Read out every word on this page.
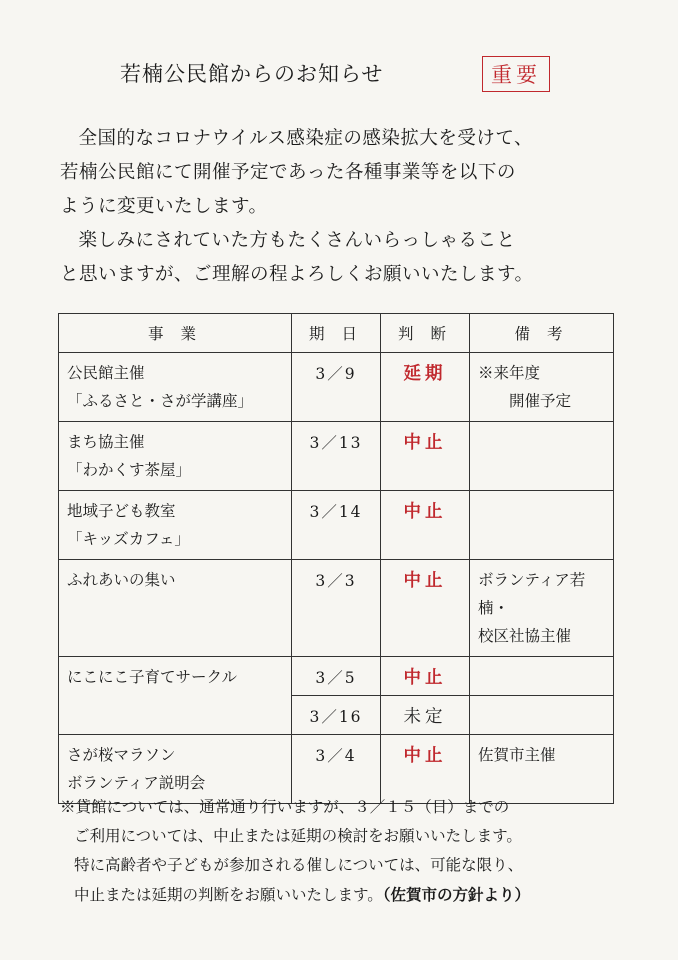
若楠公民館からのお知らせ	重要

全国的なコロナウイルス感染症の感染拡大を受けて、

若楠公民館にて開催予定であった各種事業等を以下の

ように変更いたします。

楽しみにされていた方もたくさんいらっしゃること

と思いますが、ご理解の程よろしくお願いいたします。

事 業	期 日	判 断	備 考
公民館主催
「ふるさと・さが学講座」	3／9	延期	※来年度
開催予定
まち協主催
「わかくす茶屋」	3／13	中止	
地域子ども教室
「キッズカフェ」	3／14	中止	
ふれあいの集い	3／3	中止	ボランティア若楠・
校区社協主催
にこにこ子育てサークル	3／5	中止	
	3／16	未定	
さが桜マラソン
ボランティア説明会	3／4	中止	佐賀市主催

※貸館については、通常通り行いますが、３／１５（日）までの

ご利用については、中止または延期の検討をお願いいたします。

特に高齢者や子どもが参加される催しについては、可能な限り、

中止または延期の判断をお願いいたします。（佐賀市の方針より）
